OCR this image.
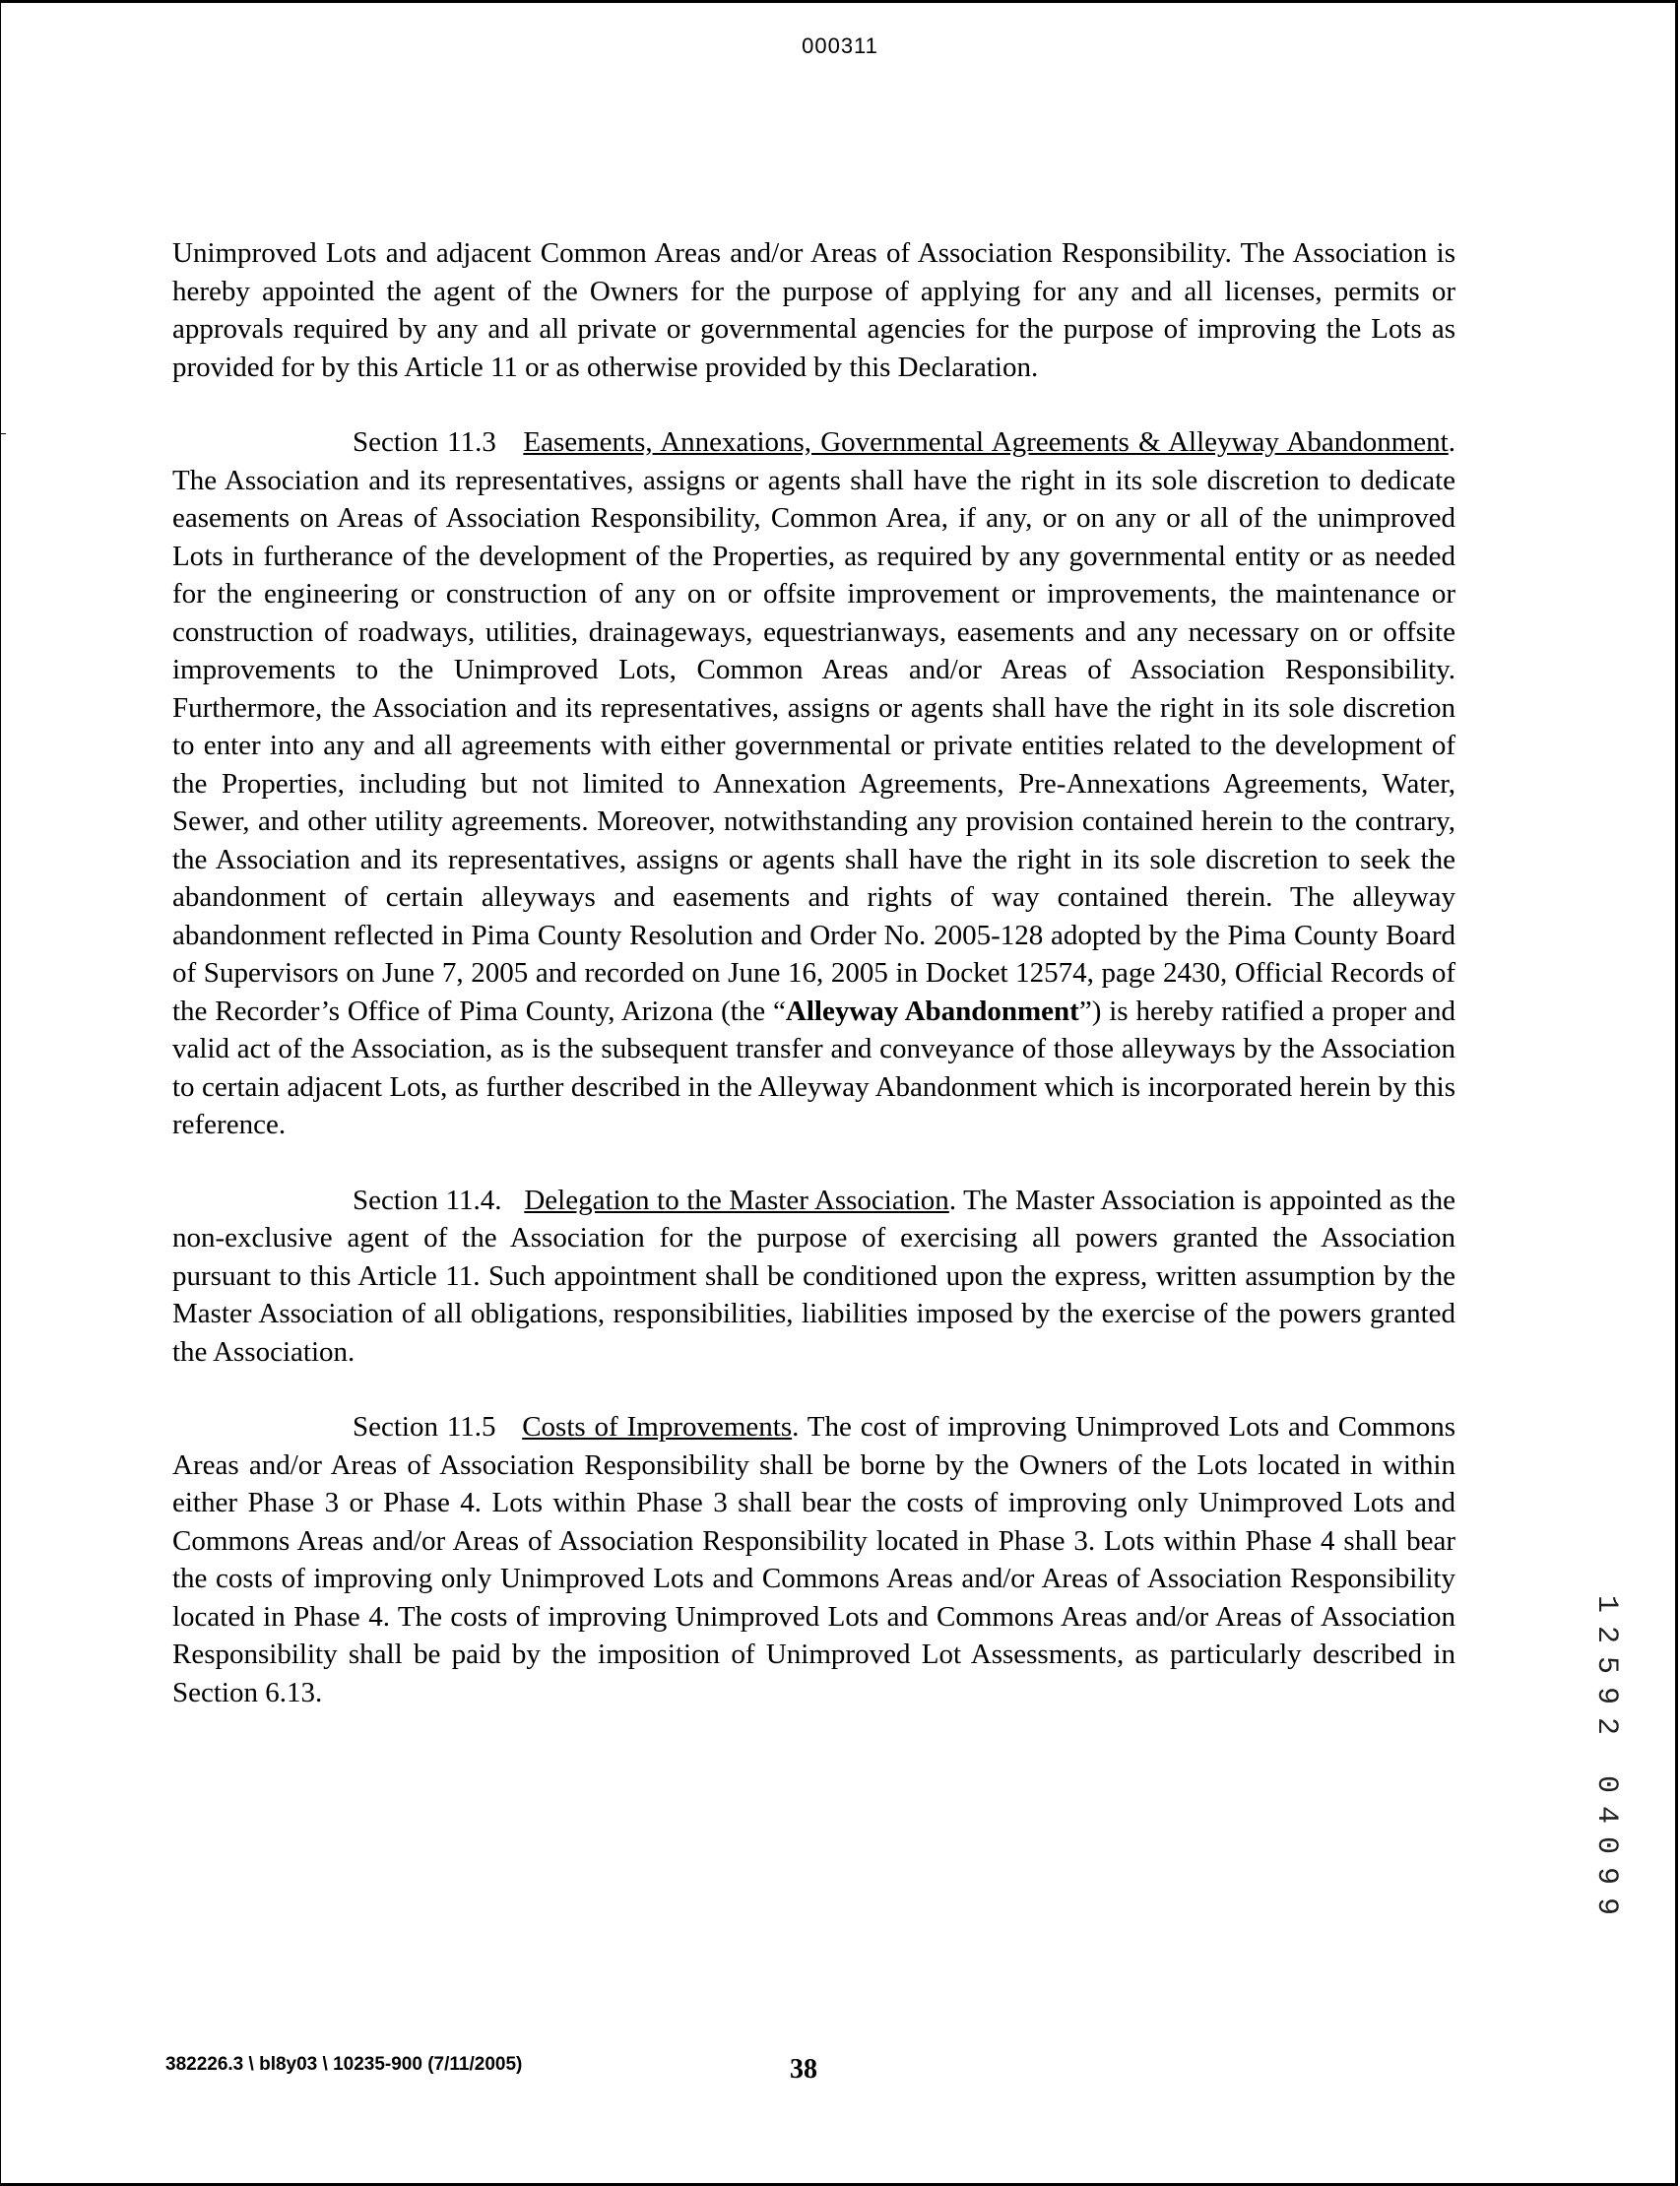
000311

Unimproved Lots and adjacent Common Areas and/or Areas of Association Responsibility. The Association is hereby appointed the agent of the Owners for the purpose of applying for any and all licenses, permits or approvals required by any and all private or governmental agencies for the purpose of improving the Lots as provided for by this Article 11 or as otherwise provided by this Declaration.

Section 11.3 Easements, Annexations, Governmental Agreements & Alleyway Abandonment. The Association and its representatives, assigns or agents shall have the right in its sole discretion to dedicate easements on Areas of Association Responsibility, Common Area, if any, or on any or all of the unimproved Lots in furtherance of the development of the Properties, as required by any governmental entity or as needed for the engineering or construction of any on or offsite improvement or improvements, the maintenance or construction of roadways, utilities, drainageways, equestrianways, easements and any necessary on or offsite improvements to the Unimproved Lots, Common Areas and/or Areas of Association Responsibility. Furthermore, the Association and its representatives, assigns or agents shall have the right in its sole discretion to enter into any and all agreements with either governmental or private entities related to the development of the Properties, including but not limited to Annexation Agreements, Pre-Annexations Agreements, Water, Sewer, and other utility agreements. Moreover, notwithstanding any provision contained herein to the contrary, the Association and its representatives, assigns or agents shall have the right in its sole discretion to seek the abandonment of certain alleyways and easements and rights of way contained therein. The alleyway abandonment reflected in Pima County Resolution and Order No. 2005-128 adopted by the Pima County Board of Supervisors on June 7, 2005 and recorded on June 16, 2005 in Docket 12574, page 2430, Official Records of the Recorder’s Office of Pima County, Arizona (the “Alleyway Abandonment”) is hereby ratified a proper and valid act of the Association, as is the subsequent transfer and conveyance of those alleyways by the Association to certain adjacent Lots, as further described in the Alleyway Abandonment which is incorporated herein by this reference.

Section 11.4. Delegation to the Master Association. The Master Association is appointed as the non-exclusive agent of the Association for the purpose of exercising all powers granted the Association pursuant to this Article 11. Such appointment shall be conditioned upon the express, written assumption by the Master Association of all obligations, responsibilities, liabilities imposed by the exercise of the powers granted the Association.

Section 11.5 Costs of Improvements. The cost of improving Unimproved Lots and Commons Areas and/or Areas of Association Responsibility shall be borne by the Owners of the Lots located in within either Phase 3 or Phase 4. Lots within Phase 3 shall bear the costs of improving only Unimproved Lots and Commons Areas and/or Areas of Association Responsibility located in Phase 3. Lots within Phase 4 shall bear the costs of improving only Unimproved Lots and Commons Areas and/or Areas of Association Responsibility located in Phase 4. The costs of improving Unimproved Lots and Commons Areas and/or Areas of Association Responsibility shall be paid by the imposition of Unimproved Lot Assessments, as particularly described in Section 6.13.

1
2
5
9
2
0
4
0
9
9
382226.3 \ bl8y03 \ 10235-900 (7/11/2005)	38
